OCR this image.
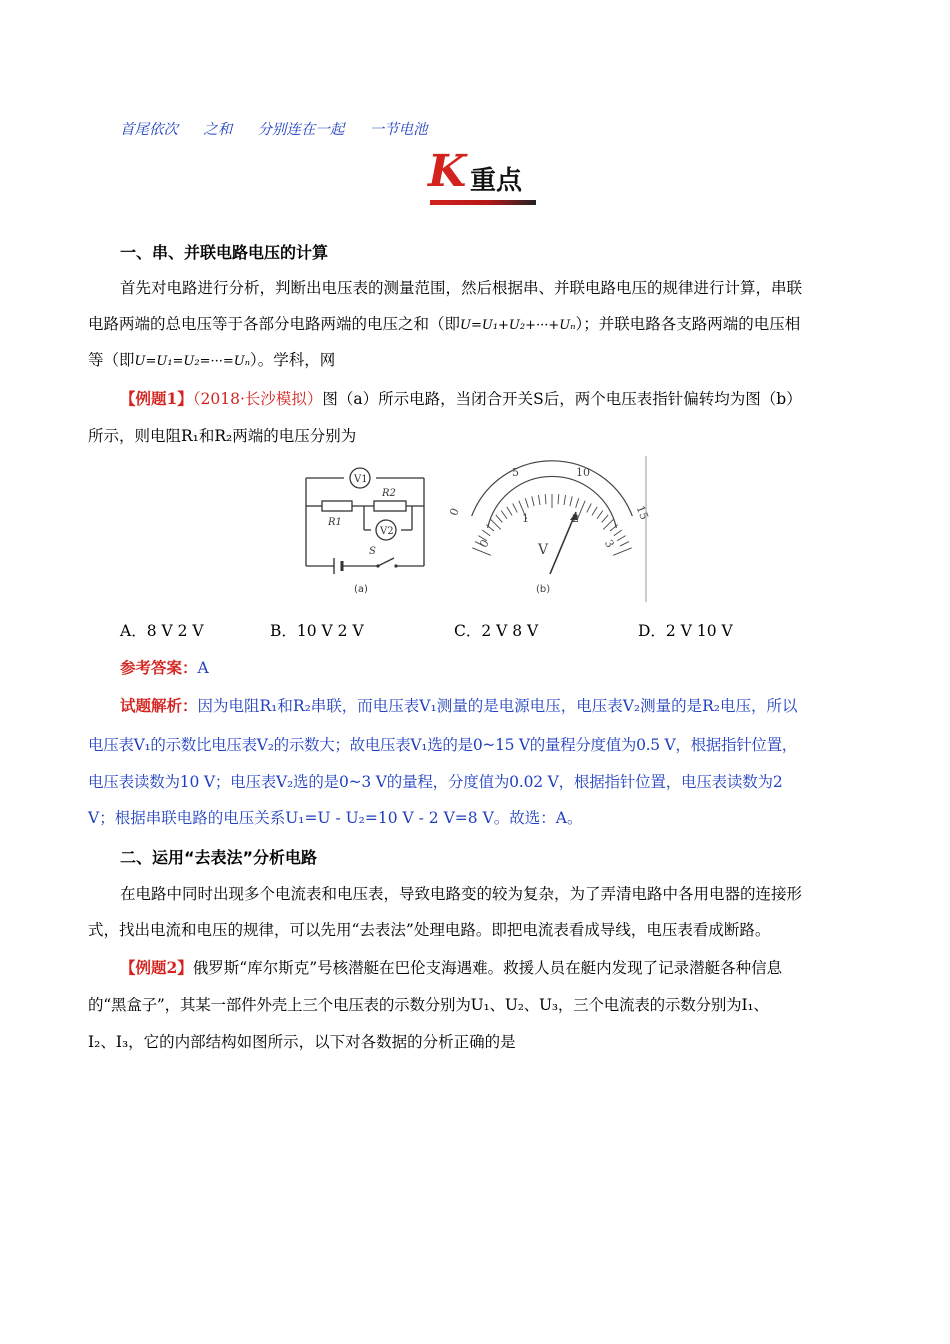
首尾依次 之和 分别连在一起 一节电池
K 重点
一、串、并联电路电压的计算
首先对电路进行分析，判断出电压表的测量范围，然后根据串、并联电路电压的规律进行计算，串联
电路两端的总电压等于各部分电路两端的电压之和（即U=U₁+U₂+···+Uₙ）；并联电路各支路两端的电压相
等（即U=U₁=U₂=···=Uₙ）。学科，网
【例题1】（2018·长沙模拟）图（a）所示电路，当闭合开关S后，两个电压表指针偏转均为图（b）
所示，则电阻R₁和R₂两端的电压分别为
V1
V2
R1
R2
S
(a)
0
5	10
15
0
1	2
3
V
(b)
A．8 V 2 V	B．10 V 2 V	C．2 V 8 V	D．2 V 10 V
参考答案：A
试题解析：因为电阻R₁和R₂串联，而电压表V₁测量的是电源电压，电压表V₂测量的是R₂电压，所以
电压表V₁的示数比电压表V₂的示数大；故电压表V₁选的是0~15 V的量程分度值为0.5 V，根据指针位置，
电压表读数为10 V；电压表V₂选的是0~3 V的量程，分度值为0.02 V，根据指针位置，电压表读数为2
V；根据串联电路的电压关系U₁=U - U₂=10 V - 2 V=8 V。故选：A。
二、运用“去表法”分析电路
在电路中同时出现多个电流表和电压表，导致电路变的较为复杂，为了弄清电路中各用电器的连接形
式，找出电流和电压的规律，可以先用“去表法”处理电路。即把电流表看成导线，电压表看成断路。
【例题2】俄罗斯“库尔斯克”号核潜艇在巴伦支海遇难。救援人员在艇内发现了记录潜艇各种信息
的“黑盒子”，其某一部件外壳上三个电压表的示数分别为U₁、U₂、U₃，三个电流表的示数分别为I₁、
I₂、I₃，它的内部结构如图所示，以下对各数据的分析正确的是
